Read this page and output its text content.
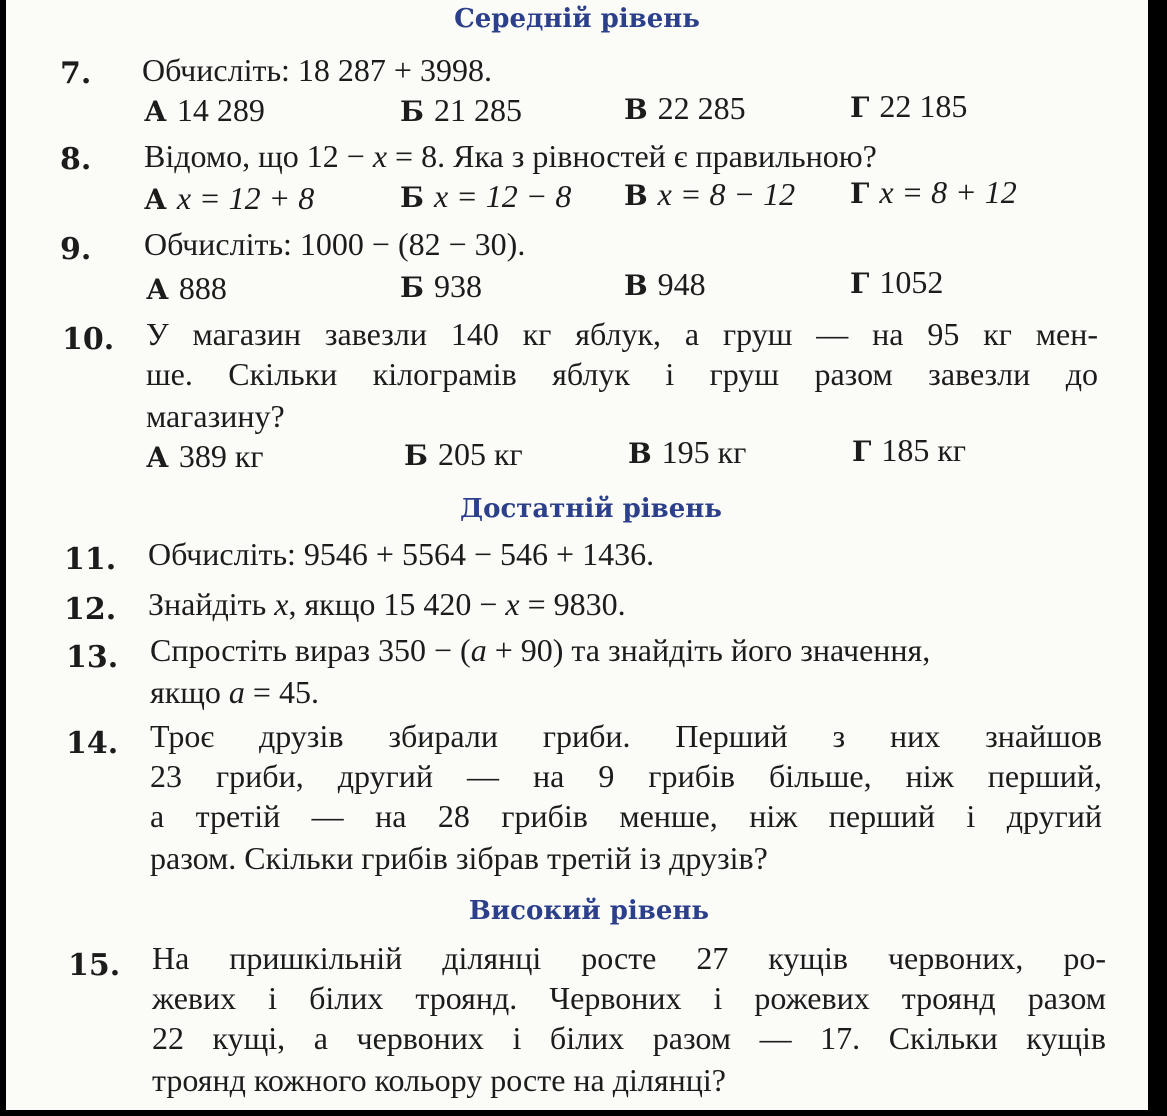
Середній рівень
7. Обчисліть: 18 287 + 3998.
А 14 289	Б 21 285	В 22 285	Г 22 185
8. Відомо, що 12 − x = 8. Яка з рівностей є правильною?
А x = 12 + 8	Б x = 12 − 8 В x = 8 − 12 Г x = 8 + 12
9. Обчисліть: 1000 − (82 − 30).
А 888	Б 938	В 948	Г 1052
10. У магазин завезли 140 кг яблук, а груш — на 95 кг мен-
ше. Скільки кілограмів яблук і груш разом завезли до
магазину?
А 389 кг	Б 205 кг	В 195 кг	Г 185 кг
Достатній рівень
11. Обчисліть: 9546 + 5564 − 546 + 1436.
12. Знайдіть x, якщо 15 420 − x = 9830.
13. Спростіть вираз 350 − (a + 90) та знайдіть його значення,
якщо a = 45.
14. Троє друзів збирали гриби. Перший з них знайшов
23 гриби, другий — на 9 грибів більше, ніж перший,
а третій — на 28 грибів менше, ніж перший і другий
разом. Скільки грибів зібрав третій із друзів?
Високий рівень
15. На пришкільній ділянці росте 27 кущів червоних, ро-
жевих і білих троянд. Червоних і рожевих троянд разом
22 кущі, а червоних і білих разом — 17. Скільки кущів
троянд кожного кольору росте на ділянці?
